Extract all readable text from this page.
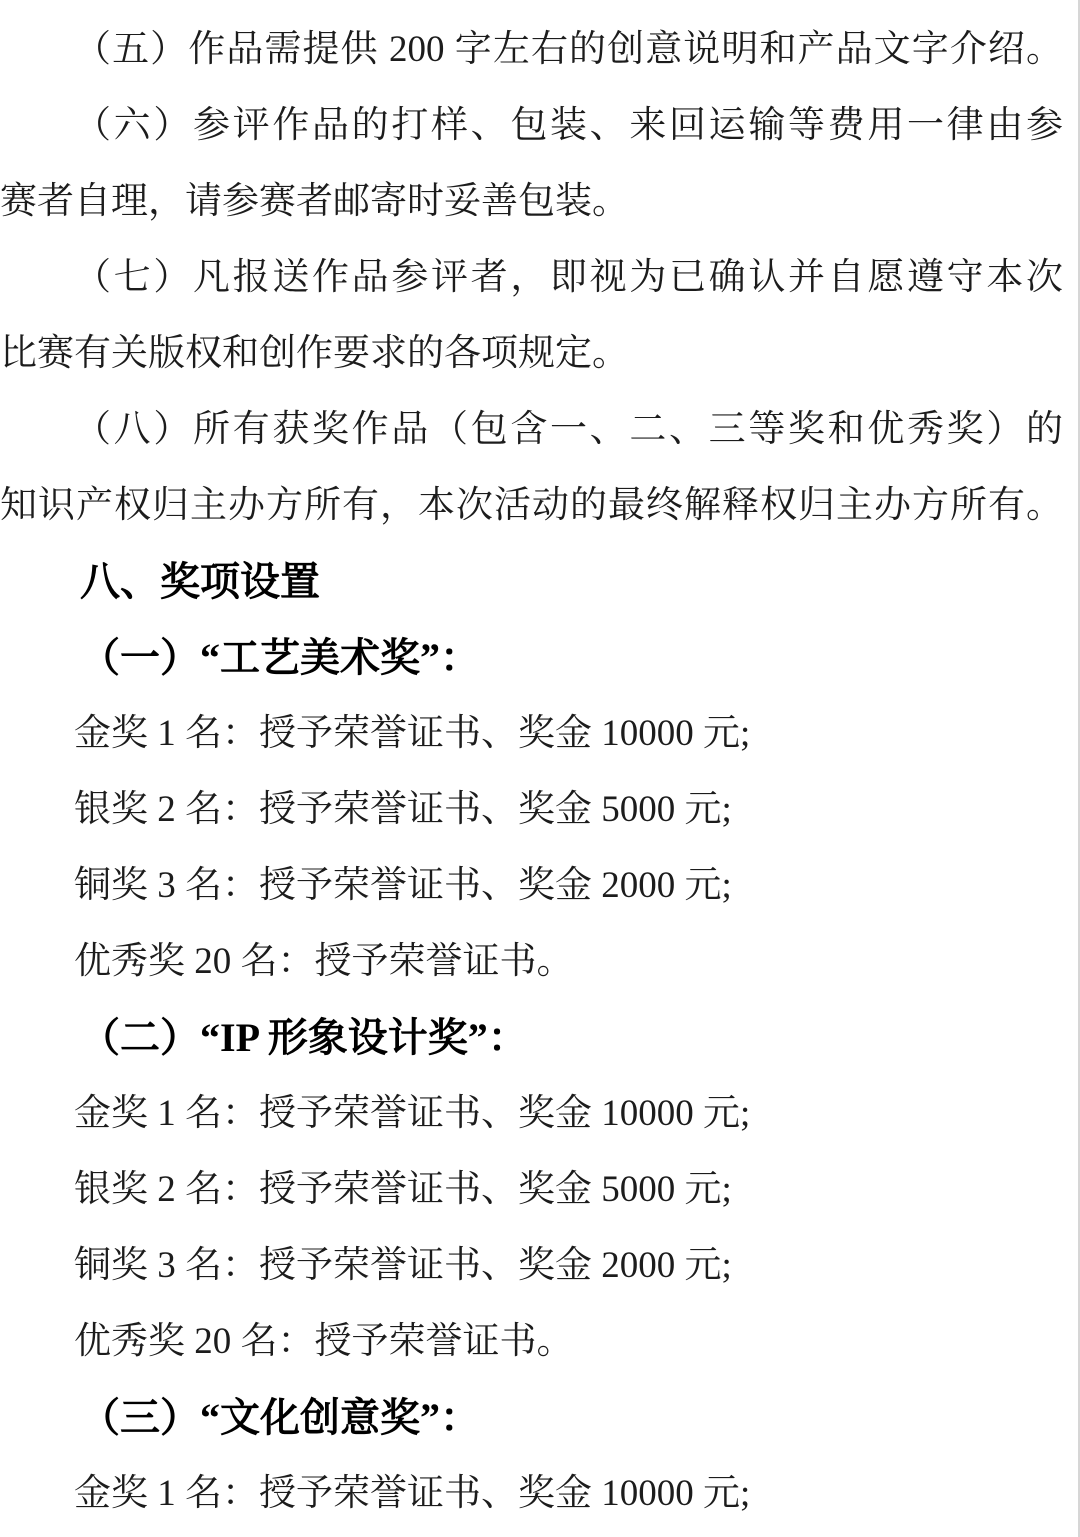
（五）作品需提供 200 字左右的创意说明和产品文字介绍。
（六）参评作品的打样、包装、来回运输等费用一律由参
赛者自理，请参赛者邮寄时妥善包装。
（七）凡报送作品参评者，即视为已确认并自愿遵守本次
比赛有关版权和创作要求的各项规定。
（八）所有获奖作品（包含一、二、三等奖和优秀奖）的
知识产权归主办方所有，本次活动的最终解释权归主办方所有。
八、奖项设置
（一）“工艺美术奖”：
金奖 1 名：授予荣誉证书、奖金 10000 元;
银奖 2 名：授予荣誉证书、奖金 5000 元;
铜奖 3 名：授予荣誉证书、奖金 2000 元;
优秀奖 20 名：授予荣誉证书。
（二）“IP 形象设计奖”：
金奖 1 名：授予荣誉证书、奖金 10000 元;
银奖 2 名：授予荣誉证书、奖金 5000 元;
铜奖 3 名：授予荣誉证书、奖金 2000 元;
优秀奖 20 名：授予荣誉证书。
（三）“文化创意奖”：
金奖 1 名：授予荣誉证书、奖金 10000 元;
